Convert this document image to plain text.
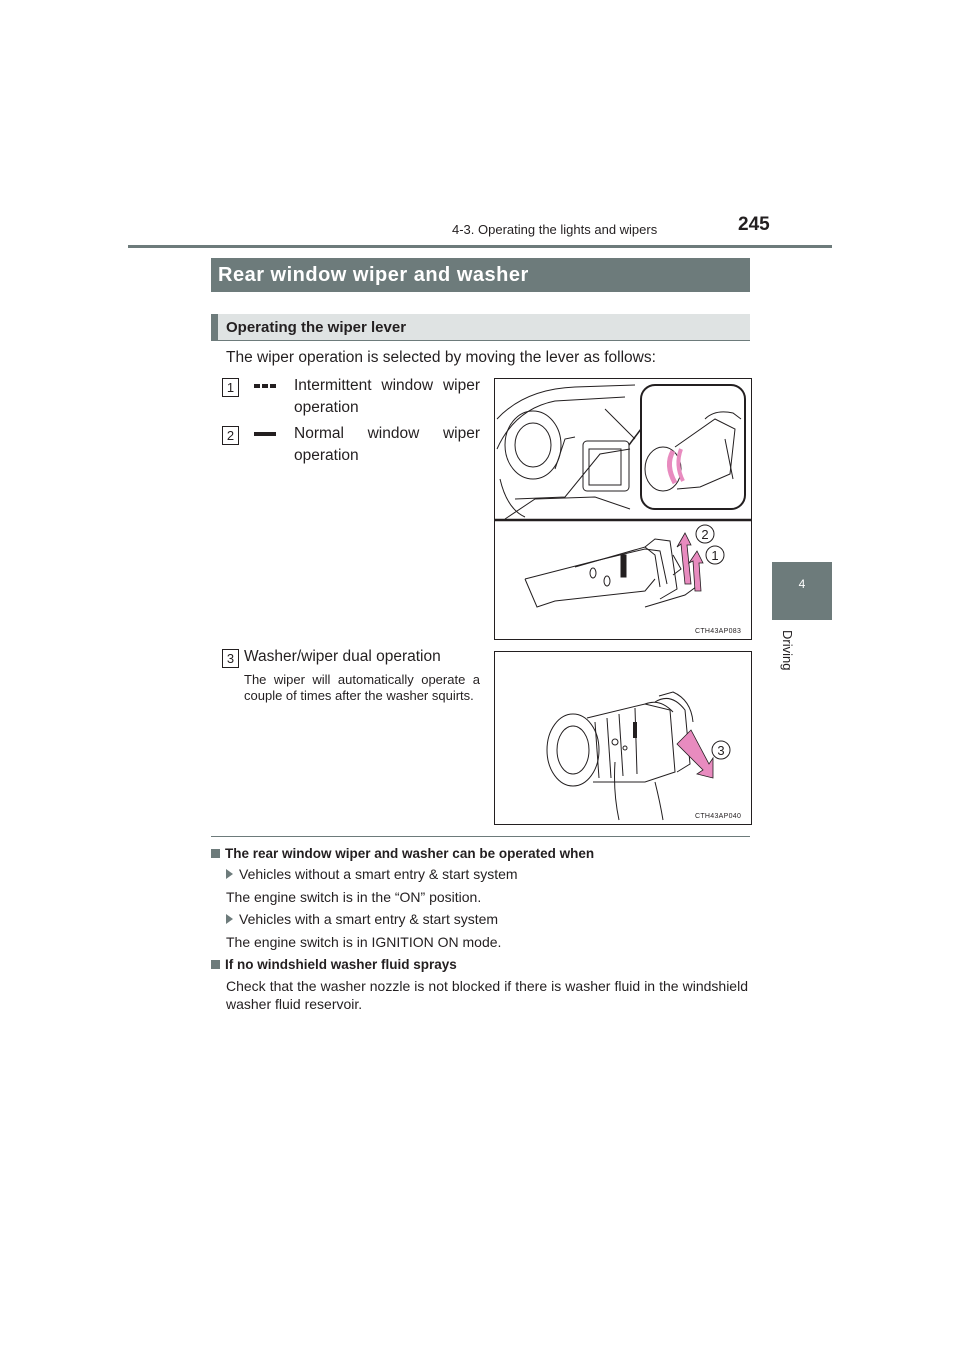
4-3. Operating the lights and wipers	245
4
Driving
Rear window wiper and washer
Operating the wiper lever
The wiper operation is selected by moving the lever as follows:
1	Intermittent window wiper operation
2	Normal window wiper operation
3 Washer/wiper dual operation
The wiper will automatically operate a couple of times after the washer squirts.
2
1
CTH43AP083
3
CTH43AP040
The rear window wiper and washer can be operated when
Vehicles without a smart entry & start system
The engine switch is in the “ON” position.
Vehicles with a smart entry & start system
The engine switch is in IGNITION ON mode.
If no windshield washer fluid sprays
Check that the washer nozzle is not blocked if there is washer fluid in the windshield washer fluid reservoir.
